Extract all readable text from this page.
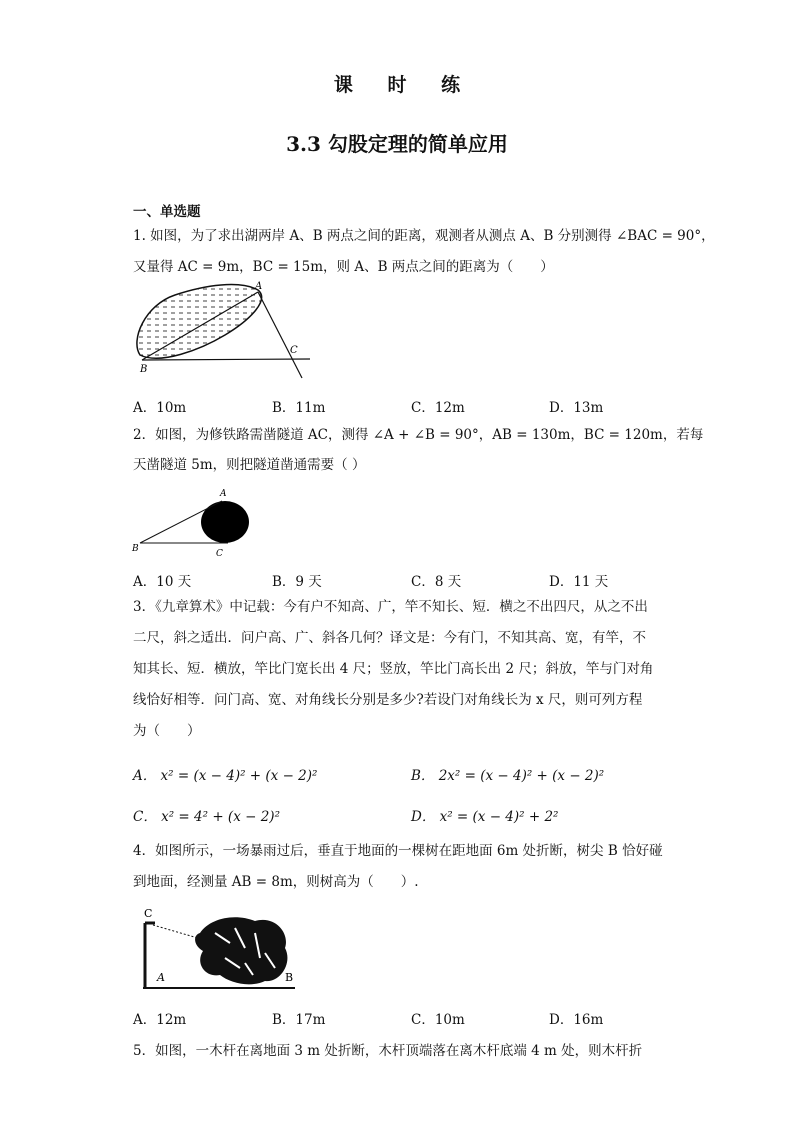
课 时 练
3.3 勾股定理的简单应用
一、单选题
1. 如图，为了求出湖两岸 A、B 两点之间的距离，观测者从测点 A、B 分别测得 ∠BAC = 90°，
又量得 AC = 9m，BC = 15m，则 A、B 两点之间的距离为（　　）
A
B
C
A．10m	B．11m	C．12m	D．13m
2．如图，为修铁路需凿隧道 AC，测得 ∠A + ∠B = 90°，AB = 130m，BC = 120m，若每
天凿隧道 5m，则把隧道凿通需要（ ）
A
B	C
A．10 天	B．9 天	C．8 天	D．11 天
3．《九章算术》中记载：今有户不知高、广，竿不知长、短．横之不出四尺，从之不出
二尺，斜之适出．问户高、广、斜各几何？译文是：今有门，不知其高、宽，有竿，不
知其长、短．横放，竿比门宽长出 4 尺；竖放，竿比门高长出 2 尺；斜放，竿与门对角
线恰好相等．问门高、宽、对角线长分别是多少?若设门对角线长为 x 尺，则可列方程
为（　　）
A． x² = (x − 4)² + (x − 2)²	B． 2x² = (x − 4)² + (x − 2)²
C． x² = 4² + (x − 2)²	D． x² = (x − 4)² + 2²
4．如图所示，一场暴雨过后，垂直于地面的一棵树在距地面 6m 处折断，树尖 B 恰好碰
到地面，经测量 AB = 8m，则树高为（　　）.
C
A	B
A．12m	B．17m	C．10m	D．16m
5．如图，一木杆在离地面 3 m 处折断，木杆顶端落在离木杆底端 4 m 处，则木杆折
